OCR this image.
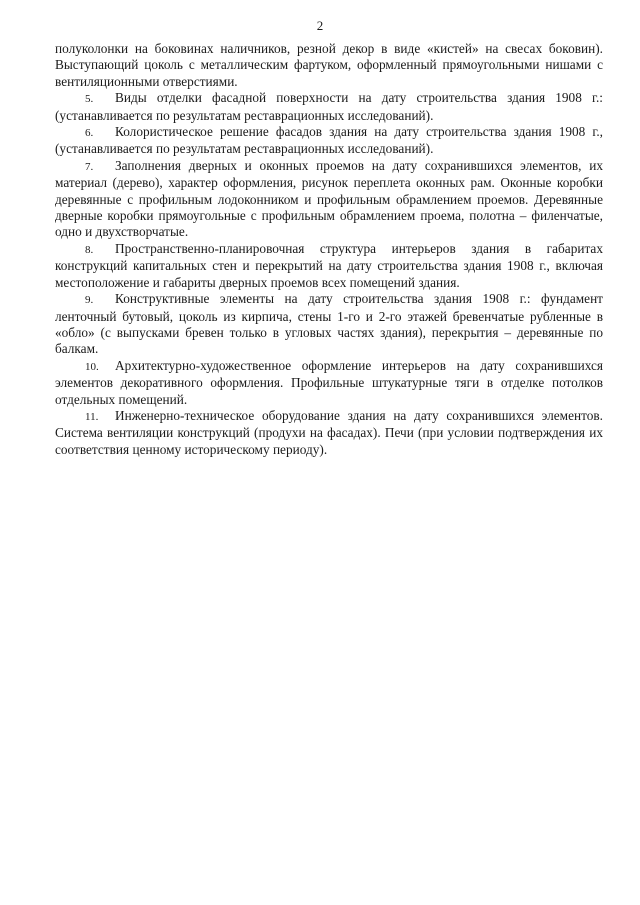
2

полуколонки на боковинах наличников, резной декор в виде «кистей» на свесах боковин). Выступающий цоколь с металлическим фартуком, оформленный прямоугольными нишами с вентиляционными отверстиями.

5. Виды отделки фасадной поверхности на дату строительства здания 1908 г.: (устанавливается по результатам реставрационных исследований).

6. Колористическое решение фасадов здания на дату строительства здания 1908 г., (устанавливается по результатам реставрационных исследований).

7. Заполнения дверных и оконных проемов на дату сохранившихся элементов, их материал (дерево), характер оформления, рисунок переплета оконных рам. Оконные коробки деревянные с профильным лодоконником и профильным обрамлением проемов. Деревянные дверные коробки прямоугольные с профильным обрамлением проема, полотна – филенчатые, одно и двухстворчатые.

8. Пространственно-планировочная структура интерьеров здания в габаритах конструкций капитальных стен и перекрытий на дату строительства здания 1908 г., включая местоположение и габариты дверных проемов всех помещений здания.

9. Конструктивные элементы на дату строительства здания 1908 г.: фундамент ленточный бутовый, цоколь из кирпича, стены 1-го и 2-го этажей бревенчатые рубленные в «обло» (с выпусками бревен только в угловых частях здания), перекрытия – деревянные по балкам.

10. Архитектурно-художественное оформление интерьеров на дату сохранившихся элементов декоративного оформления. Профильные штукатурные тяги в отделке потолков отдельных помещений.

11. Инженерно-техническое оборудование здания на дату сохранившихся элементов. Система вентиляции конструкций (продухи на фасадах). Печи (при условии подтверждения их соответствия ценному историческому периоду).
